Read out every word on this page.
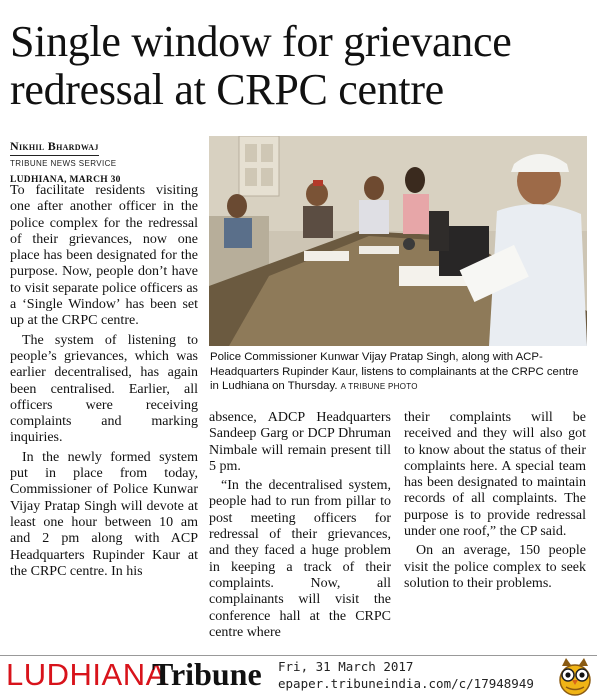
Single window for grievance
redressal at CRPC centre
Nikhil Bhardwaj
TRIBUNE NEWS SERVICE
LUDHIANA, MARCH 30

To facilitate residents visiting one after another officer in the police complex for the redressal of their grievances, now one place has been designated for the purpose. Now, people don’t have to visit separate police officers as a ‘Single Window’ has been set up at the CRPC centre.

The system of listening to people’s grievances, which was earlier decentralised, has again been centralised. Earlier, all officers were receiving complaints and marking inquiries.

In the newly formed system put in place from today, Commissioner of Police Kunwar Vijay Pratap Singh will devote at least one hour between 10 am and 2 pm along with ACP Headquarters Rupinder Kaur at the CRPC centre. In his

Police Commissioner Kunwar Vijay Pratap Singh, along with ACP-Headquarters Rupinder Kaur, listens to complainants at the CRPC centre in Ludhiana on Thursday. A TRIBUNE PHOTO

absence, ADCP Headquarters Sandeep Garg or DCP Dhruman Nimbale will remain present till 5 pm.

“In the decentralised system, people had to run from pillar to post meeting officers for redressal of their grievances, and they faced a huge problem in keeping a track of their complaints. Now, all complainants will visit the conference hall at the CRPC centre where

their complaints will be received and they will also got to know about the status of their complaints here. A special team has been designated to maintain records of all complaints. The purpose is to provide redressal under one roof,” the CP said.

On an average, 150 people visit the police complex to seek solution to their problems.

LUDHIANA
Tribune Fri, 31 March 2017
epaper.tribuneindia.com/c/17948949
